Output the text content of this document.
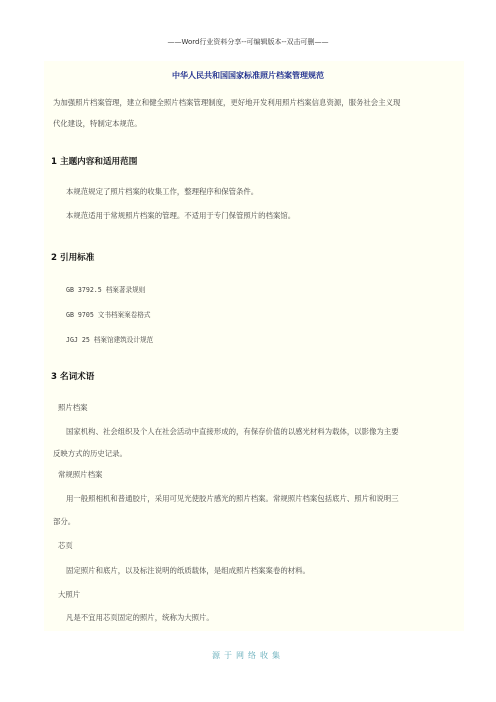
——Word行业资料分享--可编辑版本--双击可删——
中华人民共和国国家标准照片档案管理规范
为加强照片档案管理，建立和健全照片档案管理制度，更好地开发利用照片档案信息资源，服务社会主义现
代化建设，特制定本规范。
1 主题内容和适用范围
本规范规定了照片档案的收集工作，整理程序和保管条件。
本规范适用于常规照片档案的管理。不适用于专门保管照片的档案馆。
2 引用标准
GB 3792.5 档案著录规则
GB 9705 文书档案案卷格式
JGJ 25 档案馆建筑设计规范
3 名词术语
照片档案
国家机构、社会组织及个人在社会活动中直接形成的，有保存价值的以感光材料为载体，以影像为主要
反映方式的历史记录。
常规照片档案
用一般照相机和普通胶片，采用可见光使胶片感光的照片档案。常规照片档案包括底片、照片和说明三
部分。
芯页
固定照片和底片，以及标注说明的纸质载体，是组成照片档案案卷的材料。
大照片
凡是不宜用芯页固定的照片，统称为大照片。
源于网络收集
